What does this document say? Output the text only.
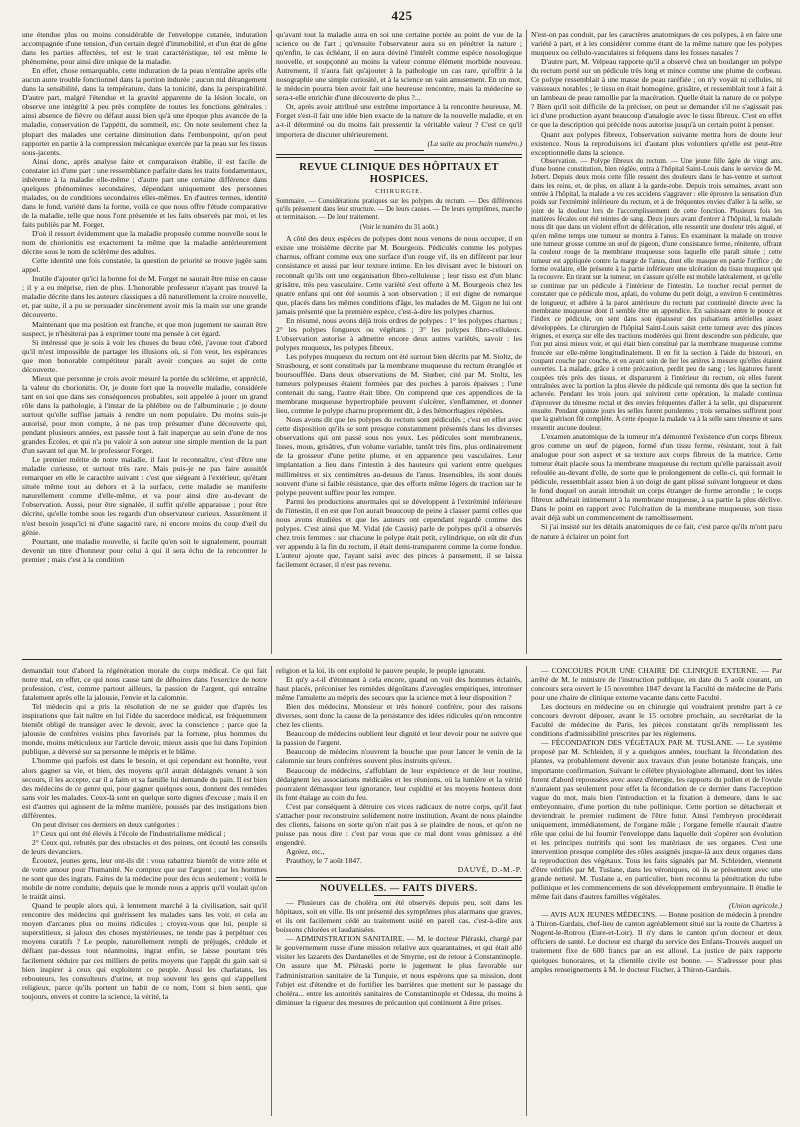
425

une étendue plus ou moins considérable de l'enveloppe cutanée, induration accompagnée d'une tension, d'un certain degré d'immobilité, et d'un état de gêne dans les parties affectées, tel est le trait caractéristique, tel est même le phénomène, pour ainsi dire unique de la maladie.

En effet, chose remarquable, cette induration de la peau n'entraîne après elle aucun autre trouble fonctionnel dans la portion indurée ; aucun nul dérangement dans la sensibilité, dans la température, dans la tonicité, dans la perspirabilité. D'autre part, malgré l'étendue et la gravité apparente de la lésion locale, on observe une intégrité à peu près complète de toutes les fonctions générales : ainsi absence de fièvre ou défaut aussi bien qu'à une époque plus avancée de la maladie, conservation de l'appétit, du sommeil, etc. On note seulement chez la plupart des malades une certaine diminution dans l'embonpoint, qu'on peut rapporter en partie à la compression mécanique exercée par la peau sur les tissus sous-jacents.

Ainsi donc, après analyse faite et comparaison établie, il est facile de constater ici d'une part : une ressemblance parfaite dans les traits fondamentaux, inhérente à la maladie elle-même ; d'autre part une certaine différence dans quelques phénomènes secondaires, dépendant uniquement des personnes malades, ou de conditions secondaires elles-mêmes. En d'autres termes, identité dans le fond, variété dans la forme, voilà ce que nous offre l'étude comparative de la maladie, telle que nous l'ont présentée et les faits observés par moi, et les faits publiés par M. Forget.

D'où il ressort évidemment que la maladie proposée comme nouvelle sous le nom de chorionitis est exactement la même que la maladie antérieurement décrite sous le nom de sclérème des adultes.

Cette identité une fois constatée, la question de priorité se trouve jugée sans appel.

Inutile d'ajouter qu'ici la bonne foi de M. Forget ne saurait être mise en cause ; il y a eu méprise, rien de plus. L'honorable professeur n'ayant pas trouvé la maladie décrite dans les auteurs classiques a dû naturellement la croire nouvelle, et, par suite, il a pu se persuader sincèrement avoir mis la main sur une grande découverte.

Maintenant que ma position est franche, et que mon jugement ne saurait être suspect, je n'hésiterai pas à exprimer toute ma pensée à cet égard.

Si intéressé que je sois à voir les choses du beau côté, j'avoue tout d'abord qu'il m'est impossible de partager les illusions où, si l'on veut, les espérances que mon honorable compétiteur paraît avoir conçues au sujet de cette découverte.

Mieux que personne je crois avoir mesuré la portée du sclérème, et apprécié, la valeur du chorionitis. Or, je doute fort que la nouvelle maladie, considérée tant en soi que dans ses conséquences probables, soit appelée à jouer un grand rôle dans la pathologie, à l'instar de la phlébite ou de l'albuminurie ; je doute surtout qu'elle suffise jamais à rendre un nom populaire. Du moins suis-je autorisé, pour mon compte, à ne pas trop présumer d'une découverte qui, pendant plusieurs années, est passée tout à fait inaperçue au sein d'une de nos grandes Écoles, et qui n'a pu valoir à son auteur une simple mention de la part d'un savant tel que M. le professeur Forget.

Le premier mérite de notre maladie, il faut le reconnaître, c'est d'être une maladie curieuse, et surtout très rare. Mais puis-je ne pas faire aussitôt remarquer en elle le caractère suivant : c'est que siégeant à l'extérieur, qu'étant située même tout au dehors et à la surface, cette maladie se manifeste naturellement comme d'elle-même, et va pour ainsi dire au-devant de l'observation. Aussi, pour être signalée, il suffit qu'elle apparaisse ; pour être décrite, qu'elle tombe sous les regards d'un observateur curieux. Assurément il n'est besoin jusqu'ici ni d'une sagacité rare, ni encore moins du coup d'œil du génie.

Pourtant, une maladie nouvelle, si facile qu'en soit le signalement, pourrait devenir un titre d'honneur pour celui à qui il sera échu de la rencontrer le premier ; mais c'est à la condition

qu'avant tout la maladie aura en soi une certaine portée au point de vue de la science ou de l'art ; qu'ensuite l'observateur aura su en pénétrer la nature ; qu'enfin, le cas échéant, il en aura déviné l'intérêt comme espèce nosologique nouvelle, et soupçonné au moins la valeur comme élément morbide nouveau. Autrement, il n'aura fait qu'ajouter à la pathologie un cas rare, qu'offrir à la nosographie une simple curiosité, et à la science un vain amusement. En un mot, le médecin pourra bien avoir fait une heureuse rencontre, mais la médecine se sera-t-elle enrichie d'une découverte de plus ?...

Or, après avoir attribué une extrême importance à la rencontre heureuse, M. Forget s'est-il fait une idée bien exacte de la nature de la nouvelle maladie, et en a-t-il déterminé ou du moins fait pressentir la véritable valeur ? C'est ce qu'il importera de discuter ultérieurement.

(La suite au prochain numéro.)

REVUE CLINIQUE DES HÔPITAUX ET HOSPICES.
CHIRURGIE.

Sommaire. — Considérations pratiques sur les polypes du rectum. — Des différences qu'ils présentent dans leur structure. — De leurs causes. — De leurs symptômes, marche et terminaison. — De leur traitement.

(Voir le numéro du 31 août.)

A côté des deux espèces de polypes dont nous venons de nous occuper, il en existe une troisième décrite par M. Bourgeois. Pédiculés comme les polypes charnus, offrant comme eux une surface d'un rouge vif, ils en diffèrent par leur consistance et aussi par leur texture intime. En les divisant avec le bistouri on reconnaît qu'ils ont une organisation fibro-celluleuse ; leur tissu est d'un blanc grisâtre, très peu vasculaire. Cette variété s'est offerte à M. Bourgeois chez les quatre enfans qui ont été soumis à son observation ; il est digne de remarque que, placés dans les mêmes conditions d'âge, les malades de M. Gigon ne lui ont jamais présenté que la première espèce, c'est-à-dire les polypes charnus.

En résumé, nous avons déjà trois ordres de polypes : 1° les polypes charnus ; 2° les polypes fongueux ou végétans ; 3° les polypes fibro-celluleux. L'observation autorise à admettre encore deux autres variétés, savoir : les polypes muqueux, les polypes fibreux.

Les polypes muqueux du rectum ont été surtout bien décrits par M. Stoltz, de Strasbourg, et sont constitués par la membrane muqueuse du rectum étranglée et boursoufflée. Dans deux observations de M. Stœber, cité par M. Stoltz, les tumeurs polypeuses étaient formées par des poches à parois épaisses ; l'une contenait du sang, l'autre était libre. On comprend que ces appendices de la membrane muqueuse hypertrophiée peuvent s'ulcérer, s'enflammer, et donner lieu, comme le polype charnu proprement dit, à des hémorrhagies répétées.

Nous avons dit que les polypes du rectum sont pédiculés ; c'est en effet avec cette disposition qu'ils se sont presque constamment présentés dans les diverses observations qui ont passé sous nos yeux. Les pédicules sont membraneux, lisses, mous, grisâtres, d'un volume variable, tantôt très fins, plus ordinairement de la grosseur d'une petite plume, et en apparence peu vasculaires. Leur implantation a lieu dans l'intestin à des hauteurs qui varient entre quelques millimètres et six centimètres au-dessus de l'anus. Insensibles, ils sont doués souvent d'une si faible résistance, que des efforts même légers de traction sur le polype peuvent suffire pour les rompre.

Parmi les productions anormales qui se développent à l'extrémité inférieure de l'intestin, il en est que l'on aurait beaucoup de peine à classer parmi celles que nous avons étudiées et que les auteurs ont cependant regardé comme des polypes. C'est ainsi que M. Vidal (de Cassis) parle de polypes qu'il a observés chez trois femmes : sur chacune le polype était petit, cylindrique, on eût dit d'un ver appendu à la fin du rectum, il était demi-transparent comme la corne fondue. L'auteur ajoute que, l'ayant saisi avec des pinces à pansement, il se laissa facilement écraser, il n'est pas revenu.

N'est-on pas conduit, par les caractères anatomiques de ces polypes, à en faire une variété à part, et à les considérer comme étant de la même nature que les polypes muqueux ou cellulo-vasculaires si fréquens dans les fosses nasales ?

D'autre part, M. Velpeau rapporte qu'il a observé chez un boulanger un polype du rectum porté sur un pédicule très long et mince comme une plume de corbeau. Ce polype ressemblait à une masse de peau raréfiée ; on n'y voyait ni cellules, ni vaisseaux notables ; le tissu en était homogène, grisâtre, et ressemblait tout à fait à un lambeau de peau ramollie par la macération. Quelle était la nature de ce polype ? Bien qu'il soit difficile de la préciser, on peut se demander s'il ne s'agissait pas ici d'une production ayant beaucoup d'analogie avec le tissu fibreux. C'est en effet ce que la description qui précède nous autorise jusqu'à un certain point à penser.

Quant aux polypes fibreux, l'observation suivante mettra hors de doute leur existence. Nous la reproduisons ici d'autant plus volontiers qu'elle est peut-être exceptionnelle dans la science.

Observation. — Polype fibreux du rectum. — Une jeune fille âgée de vingt ans, d'une bonne constitution, bien réglée, entra à l'hôpital Saint-Louis dans le service de M. Jobert. Depuis deux mois cette fille ressent des douleurs dans le bas-ventre et surtout dans les reins, et, de plus, en allant à la garde-robe. Depuis trois semaines, avant son entrée à l'hôpital, la malade a vu ces accidens s'aggraver : elle éprouve la sensation d'un poids sur l'extrémité inférieure du rectum, et à de fréquentes envies d'aller à la selle, se joint de la douleur lors de l'accomplissement de cette fonction. Plusieurs fois les matières fécales ont été teintes de sang. Deux jours avant d'entrer à l'hôpital, la malade nous dit que dans un violent effort de défécation, elle ressentit une douleur très aiguë, et qu'en même temps une tumeur se montra à l'anus. En examinant la malade on trouve une tumeur grosse comme un œuf de pigeon, d'une consistance ferme, rénitente, offrant la couleur rouge de la membrane muqueuse sous laquelle elle paraît située ; cette tumeur est appliquée contre la marge de l'anus, dont elle masque en partie l'orifice ; de forme ovalaire, elle présente à la partie inférieure une ulcération du tissu muqueux qui la recouvre. En tirant sur la tumeur, on s'assure qu'elle est mobile latéralement, et qu'elle se continue par un pédicule à l'intérieur de l'intestin. Le toucher rectal permet de constater que ce pédicule mou, aplati, du volume du petit doigt, a environ 6 centimètres de longueur, et adhère à la paroi antérieure du rectum par continuité directe avec la membrane muqueuse dont il semble être un appendice. En saisissant entre le pouce et l'index ce pédicule, on sent dans son épaisseur des pulsations artérielles assez développées. Le chirurgien de l'hôpital Saint-Louis saisit cette tumeur avec des pinces érignes, et exerça sur elle des tractions modérées qui firent descendre son pédicule, que l'on put ainsi mieux voir, et qui était bien constitué par la membrane muqueuse comme froncée sur elle-même longitudinalement. Il en fit la section à l'aide du bistouri, en coupant couche par couche, et en ayant soin de lier les artères à mesure qu'elles étaient ouvertes. La malade, grâce à cette précaution, perdit peu de sang ; les ligatures furent coupées très près des tissus, et disparurent à l'intérieur du rectum, où elles furent entraînées avec la portion la plus élevée du pédicule qui remonta dès que la section fut achevée. Pendant les trois jours qui suivirent cette opération, la malade continua d'éprouver du ténesme rectal et des envies fréquentes d'aller à la selle, qui disparurent ensuite. Pendant quinze jours les selles furent purulentes ; trois semaines suffirent pour que la guérison fût complète. À cette époque la malade va à la selle sans ténesme et sans ressentir aucune douleur.

L'examen anatomique de la tumeur m'a démontré l'existence d'un corps fibreux gros comme un œuf de pigeon, formé d'un tissu ferme, résistant, tout à fait analogue pour son aspect et sa texture aux corps fibreux de la matrice. Cette tumeur était placée sous la membrane muqueuse du rectum qu'elle paraissait avoir refoulée au-devant d'elle, de sorte que le prolongement de celle-ci, qui formait le pédicule, ressemblait assez bien à un doigt de gant plissé suivant longueur et dans le fond duquel on aurait introduit un corps étranger de forme arrondie ; le corps fibreux adhérait intimement à la membrane muqueuse, à sa partie la plus déclive. Dans le point en rapport avec l'ulcération de la membrane muqueuse, son tissu avait déjà subi un commencement de ramollissement.

Si j'ai insisté sur les détails anatomiques de ce fait, c'est parce qu'ils m'ont paru de nature à éclairer un point fort

demandait tout d'abord la régénération morale du corps médical. Ce qui fait notre mal, en effet, ce qui nous cause tant de déboires dans l'exercice de notre profession, c'est, comme partout ailleurs, la passion de l'argent, qui entraîne fatalement après elle la jalousie, l'envie et la calomnie.

Tel médecin qui a pris la résolution de ne se guider que d'après les inspirations que fait naître en lui l'idée du sacerdoce médical, est fréquemment bientôt obligé de transiger avec le devoir, avec la conscience ; parce que la jalousie de confrères voisins plus favorisés par la fortune, plus hommes du monde, moins méticuleux sur l'article devoir, mieux assis que lui dans l'opinion publique, a déversé sur sa personne le mépris et le blâme.

L'homme qui parfois est dans le besoin, et qui cependant est honnête, veut alors gagner sa vie, et bien, des moyens qu'il aurait dédaignés venant à son secours, il les accepte, car il a faim et sa famille lui demande du pain. Il est bien des médecins de ce genre qui, pour gagner quelques sous, donnent des remèdes sans voir les malades. Ceux-là sont en quelque sorte dignes d'excuse ; mais il en est d'autres qui agissent de la même manière, poussés par des instigations bien différentes.

On peut diviser ces derniers en deux catégories :

1° Ceux qui ont été élevés à l'école de l'industrialisme médical ;

2° Ceux qui, rebutés par des obstacles et des peines, ont écouté les conseils de leurs devanciers.

Écoutez, jeunes gens, leur ont-ils dit : vous rabattrez bientôt de votre zèle et de votre amour pour l'humanité. Ne comptez que sur l'argent ; car les hommes ne sont que des ingrats. Faites de la médecine pour des écus seulement ; voilà le mobile de notre conduite, depuis que le monde nous a appris qu'il voulait qu'on le traitât ainsi.

Quand le peuple alors qui, à lentement marché à la civilisation, sait qu'il rencontre des médecins qui guérissent les malades sans les voir, et cela au moyen d'arcanes plus ou moins ridicules ; croyez-vous que lui, peuple si superstitieux, si jaloux des choses mystérieuses, ne tende pas à perpétuer ces moyens curatifs ? Le peuple, naturellement rempli de préjugés, crédule et défiant par-dessus tout néanmoins, ingrat enfin, se laisse pourtant très facilement séduire par ces milliers de petits moyens que l'appât du gain sait si bien inspirer à ceux qui exploitent ce peuple. Aussi les charlatans, les rebouteurs, les consulteurs d'urine, et trop souvent les gens qui s'appellent religieux, parce qu'ils portent un habit de ce nom, l'ont si bien senti, que toujours, envers et contre la science, la vérité, la

religion et la loi, ils ont exploité le pauvre peuple, le peuple ignorant.

Et qu'y a-t-il d'étonnant à cela encore, quand on voit des hommes éclairés, haut placés, préconiser les remèdes dégoûtans d'aveugles empiriques, introniser même l'amulette au mépris des secours que la science met à leur disposition ?

Bien des médecins, Monsieur et très honoré confrère, pour des raisons diverses, sont donc la cause de la persistance des idées ridicules qu'on rencontre chez les clients.

Beaucoup de médecins oublient leur dignité et leur devoir pour ne suivre que la passion de l'argent.

Beaucoup de médecins n'ouvrent la bouche que pour lancer le venin de la calomnie sur leurs confrères souvent plus instruits qu'eux.

Beaucoup de médecins, s'affublant de leur expérience et de leur routine, dédaignent les associations médicales et les réunions, où la lumière et la vérité pourraient démasquer leur ignorance, leur cupidité et les moyens honteux dont ils font étalage au coin du feu.

C'est par conséquent à détruire ces vices radicaux de notre corps, qu'il faut s'attacher pour reconstruire solidement notre institution. Avant de nous plaindre des clients, faisons en sorte qu'on n'ait pas à se plaindre de nous, et qu'on ne puisse pas nous dire : c'est par vous que ce mal dont vous gémissez a été engendré.

Agréez, etc.,

Prauthoy, le 7 août 1847.

DAUVÉ, D.-M.-P.

NOUVELLES. — FAITS DIVERS.

— Plusieurs cas de choléra ont été observés depuis peu, soit dans les hôpitaux, soit en ville. Ils ont présenté des symptômes plus alarmans que graves, et ils ont facilement cédé au traitement usité en pareil cas, c'est-à-dire aux boissons chlorées et laudanisées.

— ADMINISTRATION SANITAIRE. — M. le docteur Pléraski, chargé par le gouvernement russe d'une mission relative aux quarantaines, et qui était allé visiter les lazarets des Dardanelles et de Smyrne, est de retour à Constantinople. On assure que M. Pléraski porte le jugement le plus favorable sur l'administration sanitaire de la Turquie, et nous espérons que sa mission, dont l'objet est d'étendre et de fortifier les barrières que mettent sur le passage du choléra... entre les autorités sanitaires de Constantinople et Odessa, du moins à diminuer la rigueur des mesures de précaution qui continuent à être prises.

— CONCOURS POUR UNE CHAIRE DE CLINIQUE EXTERNE. — Par arrêté de M. le ministre de l'instruction publique, en date du 5 août courant, un concours sera ouvert le 15 novembre 1847 devant la Faculté de médecine de Paris pour une chaire de clinique externe vacante dans cette Faculté.

Les docteurs en médecine ou en chirurgie qui voudraient prendre part à ce concours devront déposer, avant le 15 octobre prochain, au secrétariat de la Faculté de médecine de Paris, les pièces constatant qu'ils remplissent les conditions d'admissibilité prescrites par les règlemens.

— FÉCONDATION DES VÉGÉTAUX PAR M. TUSLANE. — Le système proposé par M. Schleiden, il y a quelques années, touchant la fécondation des plantes, va probablement devenir aux travaux d'un jeune botaniste français, une importante confirmation. Suivant le célèbre physiologiste allemand, dont les idées furent d'abord repoussées avec assez d'énergie, les rapports du pollen et de l'ovule n'auraient pas seulement pour effet la fécondation de ce dernier dans l'acception vague du mot, mais bien l'introduction et la fixation à demeure, dans le sac embryonnaire, d'une portion du tube pollinique. Cette portion se détacherait et deviendrait le premier rudiment de l'être futur. Ainsi l'embryon procéderait uniquement, immédiatement, de l'organe mâle ; l'organe femelle n'aurait d'autre rôle que celui de lui fournir l'enveloppe dans laquelle doit s'opérer son évolution et les principes nutritifs qui sont les matériaux de ses organes. C'est une intervention presque complète des rôles assignés jusque-là aux deux organes dans la reproduction des végétaux. Tous les faits signalés par M. Schleiden, viennent d'être vérifiés par M. Tuslane, dans les véroniques, où ils se présentent avec une grande netteté. M. Tuslane a, en particulier, bien reconnu la pénétration du tube pollinique et les commencemens de son développement embryonnaire. Il étudie le même fait dans d'autres familles végétales.

(Union agricole.)

— AVIS AUX JEUNES MÉDECINS. — Bonne position de médecin à prendre à Thiron-Gardais, chef-lieu de canton agréablement situé sur la route de Chartres à Nogent-le-Rotrou (Eure-et-Loir). Il n'y dans le canton qu'un docteur et deux officiers de santé. Le docteur est chargé du service des Enfans-Trouvés auquel un traitement fixe de 600 francs par an est alloué. La justice de paix rapporte quelques honoraires, et la clientèle civile est bonne. — S'adresser pour plus amples renseignements à M. le docteur Fischer, à Thiron-Gardais.
